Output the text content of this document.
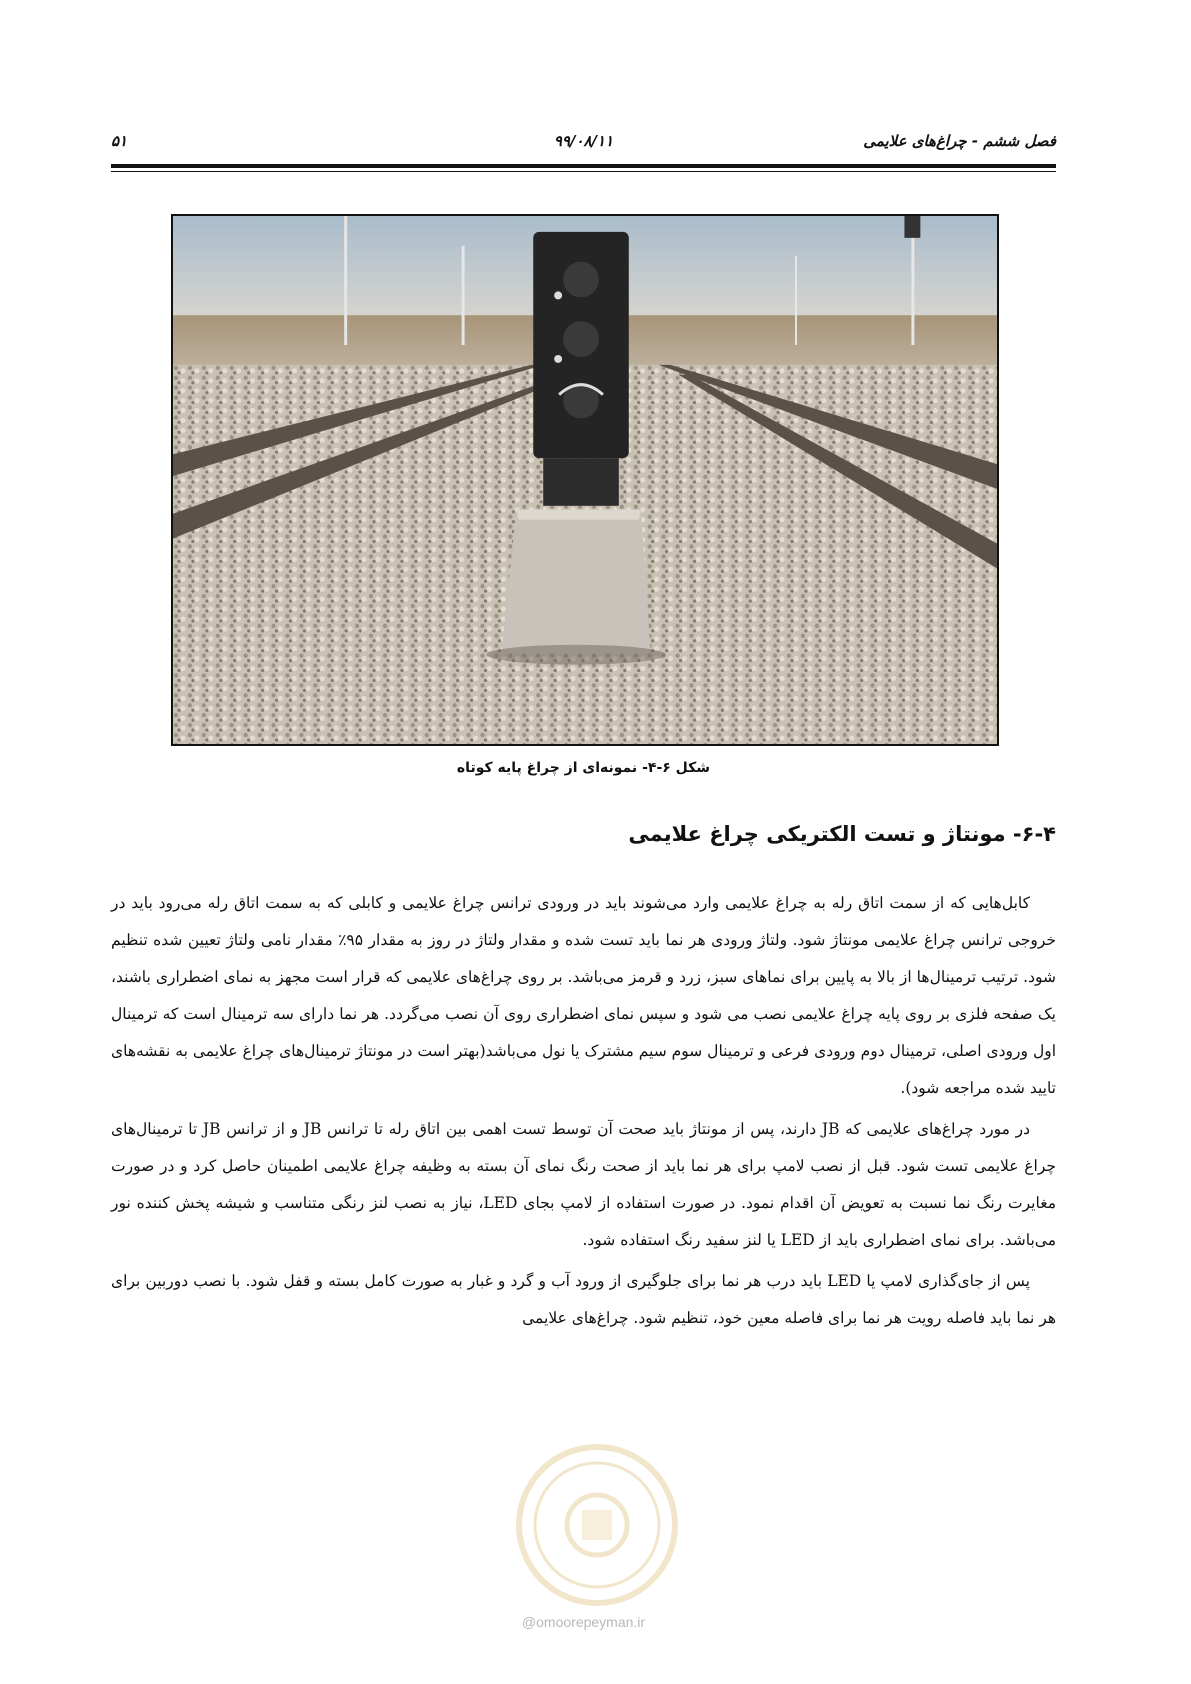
فصل ششم - چراغ‌های علایمی
۹۹/۰۸/۱۱
۵۱
شکل ۶-۴- نمونه‌ای از چراغ پایه کوتاه
۶-۴- مونتاژ و تست الکتریکی چراغ علایمی

کابل‌هایی که از سمت اتاق رله به چراغ علایمی وارد می‌شوند باید در ورودی ترانس چراغ علایمی و کابلی که به سمت اتاق رله می‌رود باید در خروجی ترانس چراغ علایمی مونتاژ شود. ولتاژ ورودی هر نما باید تست شده و مقدار ولتاژ در روز به مقدار ۹۵٪ مقدار نامی ولتاژ تعیین شده تنظیم شود. ترتیب ترمینال‌ها از بالا به پایین برای نماهای سبز، زرد و قرمز می‌باشد. بر روی چراغ‌های علایمی که قرار است مجهز به نمای اضطراری باشند، یک صفحه فلزی بر روی پایه چراغ علایمی نصب می شود و سپس نمای اضطراری روی آن نصب می‌گردد. هر نما دارای سه ترمینال است که ترمینال اول ورودی اصلی، ترمینال دوم ورودی فرعی و ترمینال سوم سیم مشترک یا نول می‌باشد(بهتر است در مونتاژ ترمینال‌های چراغ علایمی به نقشه‌های تایید شده مراجعه شود).

در مورد چراغ‌های علایمی که JB دارند، پس از مونتاژ باید صحت آن توسط تست اهمی بین اتاق رله تا ترانس JB و از ترانس JB تا ترمینال‌های چراغ علایمی تست شود. قبل از نصب لامپ برای هر نما باید از صحت رنگ نمای آن بسته به وظیفه چراغ علایمی اطمینان حاصل کرد و در صورت مغایرت رنگ نما نسبت به تعویض آن اقدام نمود. در صورت استفاده از لامپ بجای LED، نیاز به نصب لنز رنگی متناسب و شیشه پخش کننده نور می‌باشد. برای نمای اضطراری باید از LED یا لنز سفید رنگ استفاده شود.

پس از جای‌گذاری لامپ یا LED باید درب هر نما برای جلوگیری از ورود آب و گرد و غبار به صورت کامل بسته و قفل شود. با نصب دوربین برای هر نما باید فاصله رویت هر نما برای فاصله معین خود، تنظیم شود. چراغ‌های علایمی

@omoorepeyman.ir
